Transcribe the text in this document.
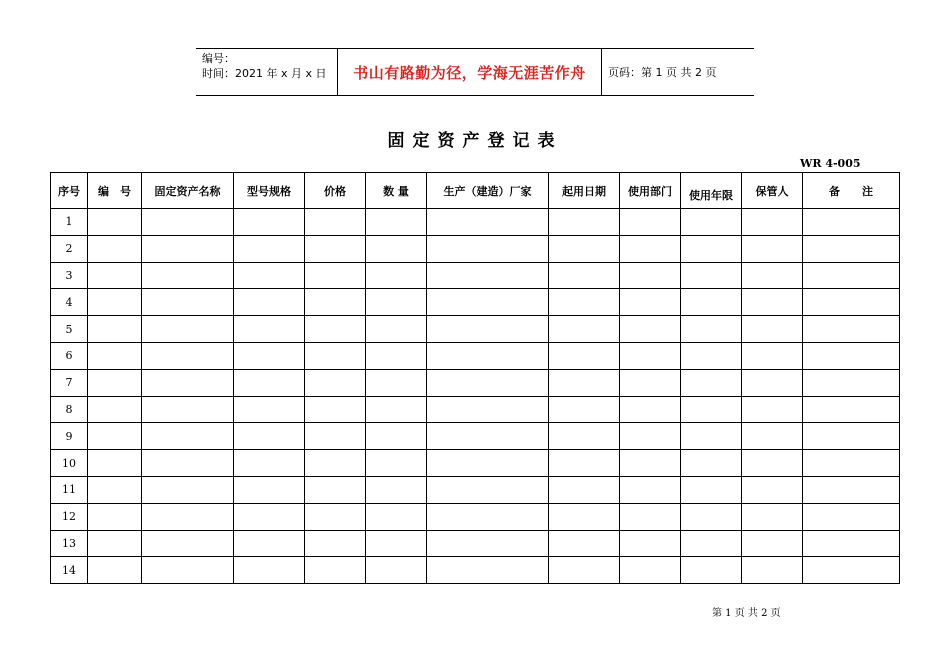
编号：
时间：2021 年 x 月 x 日	书山有路勤为径，学海无涯苦作舟 页码：第 1 页 共 2 页
固定资产登记表
WR 4-005
序号	编　号	固定资产名称	型号规格	价格	数 量	生产（建造）厂家	起用日期	使用部门	使用年限	保管人	备　　注
1											
2											
3											
4											
5											
6											
7											
8											
9											
10											
11											
12											
13											
14											
第 1 页 共 2 页
